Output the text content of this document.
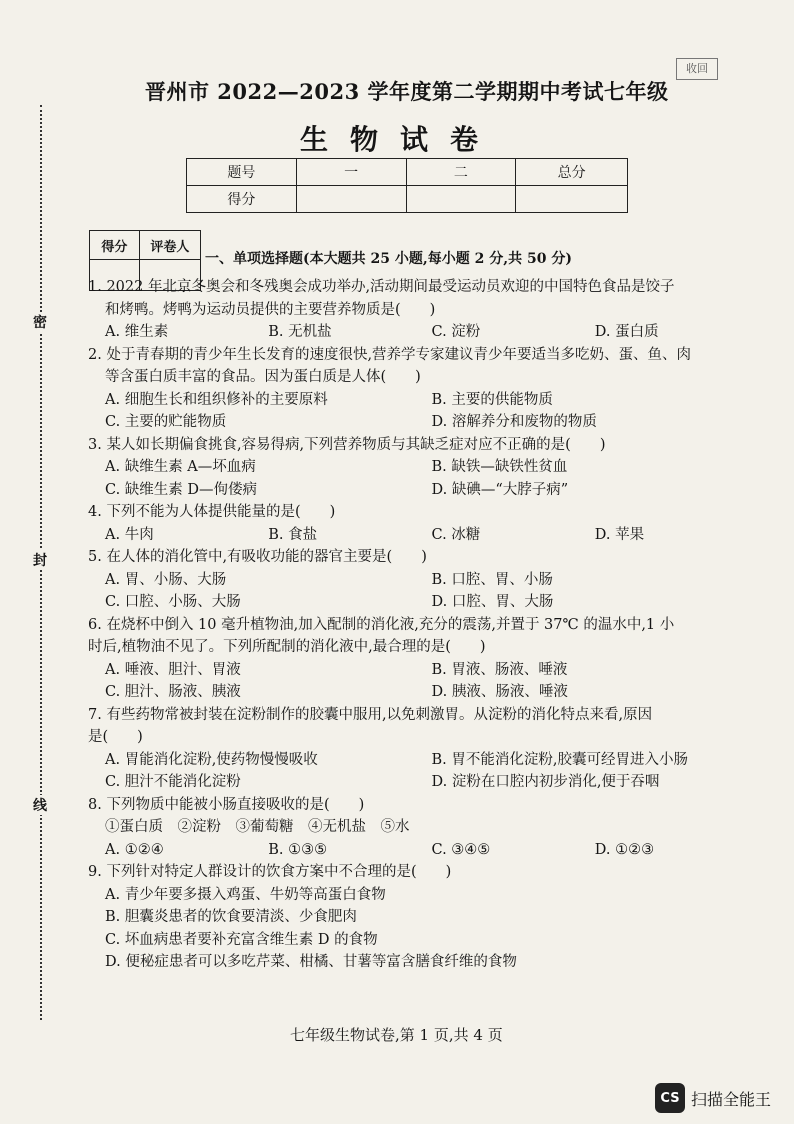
密
封
线
晋州市 2022—2023 学年度第二学期期中考试七年级
收回
生物试卷
题号	一	二	总分
得分			
得分	评卷人

一、单项选择题(本大题共 25 小题,每小题 2 分,共 50 分)
1. 2022 年北京冬奥会和冬残奥会成功举办,活动期间最受运动员欢迎的中国特色食品是饺子
和烤鸭。烤鸭为运动员提供的主要营养物质是(　　)
A. 维生素	B. 无机盐	C. 淀粉	D. 蛋白质
2. 处于青春期的青少年生长发育的速度很快,营养学专家建议青少年要适当多吃奶、蛋、鱼、肉
等含蛋白质丰富的食品。因为蛋白质是人体(　　)
A. 细胞生长和组织修补的主要原料	B. 主要的供能物质
C. 主要的贮能物质	D. 溶解养分和废物的物质
3. 某人如长期偏食挑食,容易得病,下列营养物质与其缺乏症对应不正确的是(　　)
A. 缺维生素 A—坏血病	B. 缺铁—缺铁性贫血
C. 缺维生素 D—佝偻病	D. 缺碘—“大脖子病”
4. 下列不能为人体提供能量的是(　　)
A. 牛肉	B. 食盐	C. 冰糖	D. 苹果
5. 在人体的消化管中,有吸收功能的器官主要是(　　)
A. 胃、小肠、大肠	B. 口腔、胃、小肠
C. 口腔、小肠、大肠	D. 口腔、胃、大肠
6. 在烧杯中倒入 10 毫升植物油,加入配制的消化液,充分的震荡,并置于 37℃ 的温水中,1 小
时后,植物油不见了。下列所配制的消化液中,最合理的是(　　)
A. 唾液、胆汁、胃液	B. 胃液、肠液、唾液
C. 胆汁、肠液、胰液	D. 胰液、肠液、唾液
7. 有些药物常被封装在淀粉制作的胶囊中服用,以免刺激胃。从淀粉的消化特点来看,原因
是(　　)
A. 胃能消化淀粉,使药物慢慢吸收	B. 胃不能消化淀粉,胶囊可经胃进入小肠
C. 胆汁不能消化淀粉	D. 淀粉在口腔内初步消化,便于吞咽
8. 下列物质中能被小肠直接吸收的是(　　)
①蛋白质　②淀粉　③葡萄糖　④无机盐　⑤水
A. ①②④	B. ①③⑤	C. ③④⑤	D. ①②③
9. 下列针对特定人群设计的饮食方案中不合理的是(　　)
A. 青少年要多摄入鸡蛋、牛奶等高蛋白食物
B. 胆囊炎患者的饮食要清淡、少食肥肉
C. 坏血病患者要补充富含维生素 D 的食物
D. 便秘症患者可以多吃芹菜、柑橘、甘薯等富含膳食纤维的食物
七年级生物试卷,第 1 页,共 4 页
CS 扫描全能王
